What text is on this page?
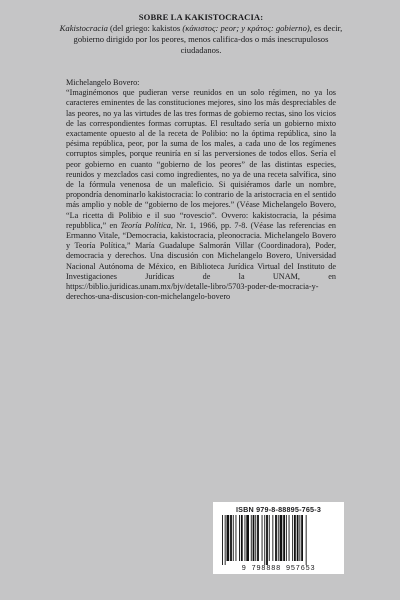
SOBRE LA KAKISTOCRACIA:

Kakistocracia (del griego: kakistos (κάκιστος: peor; y κράτος: gobierno), es decir, gobierno dirigido por los peores, menos califica-dos o más inescrupulosos ciudadanos.

Michelangelo Bovero:

“Imaginémonos que pudieran verse reunidos en un solo régimen, no ya los caracteres eminentes de las constituciones mejores, sino los más despreciables de las peores, no ya las virtudes de las tres formas de gobierno rectas, sino los vicios de las correspondientes formas corruptas. El resultado sería un gobierno mixto exactamente opuesto al de la receta de Polibio: no la óptima república, sino la pésima república, peor, por la suma de los males, a cada uno de los regímenes corruptos simples, porque reuniría en sí las perversiones de todos ellos. Sería el peor gobierno en cuanto “gobierno de los peores” de las distintas especies, reunidos y mezclados casi como ingredientes, no ya de una receta salvífica, sino de la fórmula venenosa de un maleficio. Si quisiéramos darle un nombre, propondría denominarlo kakistocracia: lo contrario de la aristocracia en el sentido más amplio y noble de “gobierno de los mejores.” (Véase Michelangelo Bovero, “La ricetta di Polibio e il suo “rovescio”. Ovvero: kakistocracia, la pésima repubblica,” en Teoría Política, Nr. 1, 1966, pp. 7-8. (Véase las referencias en Ermanno Vitale, “Democracia, kakistocracia, pleonocracia. Michelangelo Bovero y Teoría Política,” María Guadalupe Salmorán Villar (Coordinadora), Poder, democracia y derechos. Una discusión con Michelangelo Bovero, Universidad Nacional Autónoma de México, en Biblioteca Jurídica Virtual del Instituto de Investigaciones Jurídicas de la UNAM, en https://biblio.juridicas.unam.mx/bjv/detalle-libro/5703-poder-de-mocracia-y-derechos-una-discusion-con-michelangelo-bovero

ISBN 979-8-88895-765-3
9 798888 957653
